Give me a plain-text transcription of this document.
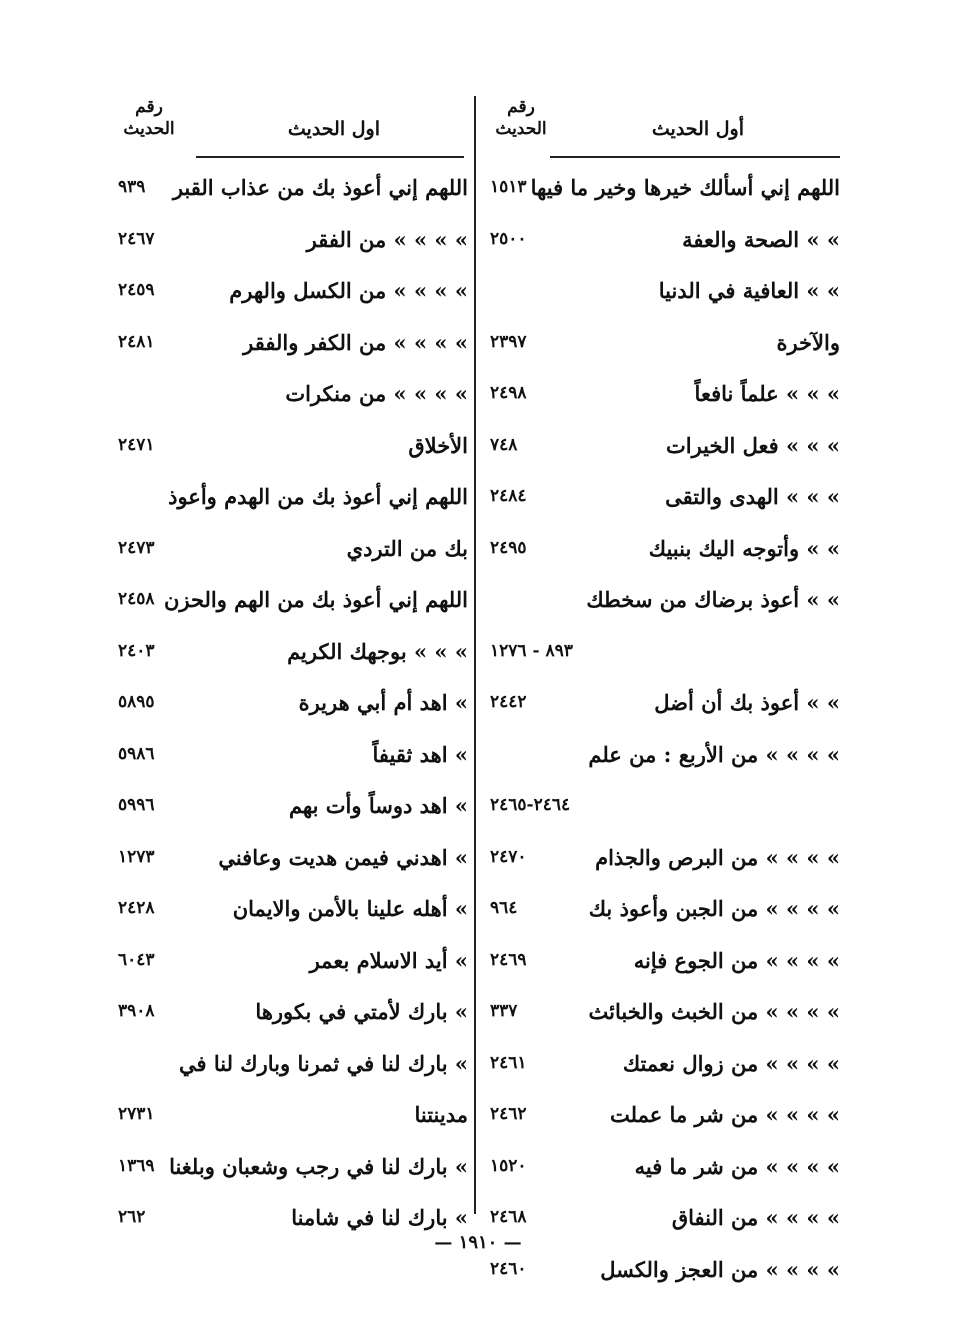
رقم
الحديث	أول الحديث
اللهم إني أسألك خيرها وخير ما فيها
١٥١٣
» » الصحة والعفة
٢٥٠٠
» » العافية في الدنيا
والآخرة
٢٣٩٧
» » » علماً نافعاً
٢٤٩٨
» » » فعل الخيرات
٧٤٨
» » » الهدى والتقى
٢٤٨٤
» » وأتوجه اليك بنبيك
٢٤٩٥
» » أعوذ برضاك من سخطك
٨٩٣ - ١٢٧٦
» » أعوذ بك أن أضل
٢٤٤٢
» » » » من الأربع : من علم
٢٤٦٤-٢٤٦٥
» » » » من البرص والجذام
٢٤٧٠
» » » » من الجبن وأعوذ بك
٩٦٤
» » » » من الجوع فإنه
٢٤٦٩
» » » » من الخبث والخبائث
٣٣٧
» » » » من زوال نعمتك
٢٤٦١
» » » » من شر ما عملت
٢٤٦٢
» » » » من شر ما فيه
١٥٢٠
» » » » من النفاق
٢٤٦٨
» » » » من العجز والكسل
٢٤٦٠
رقم
الحديث	اول الحديث
اللهم إني أعوذ بك من عذاب القبر
٩٣٩
» » » » من الفقر
٢٤٦٧
» » » » من الكسل والهرم
٢٤٥٩
» » » » من الكفر والفقر
٢٤٨١
» » » » من منكرات
الأخلاق
٢٤٧١
اللهم إني أعوذ بك من الهدم وأعوذ
بك من التردي
٢٤٧٣
اللهم إني أعوذ بك من الهم والحزن
٢٤٥٨
» » » بوجهك الكريم
٢٤٠٣
» اهد أم أبي هريرة
٥٨٩٥
» اهد ثقيفاً
٥٩٨٦
» اهد دوساً وأت بهم
٥٩٩٦
» اهدني فيمن هديت وعافني
١٢٧٣
» أهله علينا بالأمن والايمان
٢٤٢٨
» أيد الاسلام بعمر
٦٠٤٣
» بارك لأمتي في بكورها
٣٩٠٨
» بارك لنا في ثمرنا وبارك لنا في
مدينتنا
٢٧٣١
» بارك لنا في رجب وشعبان وبلغنا
١٣٦٩
» بارك لنا في شامنا
٢٦٢
— ١٩١٠ —
